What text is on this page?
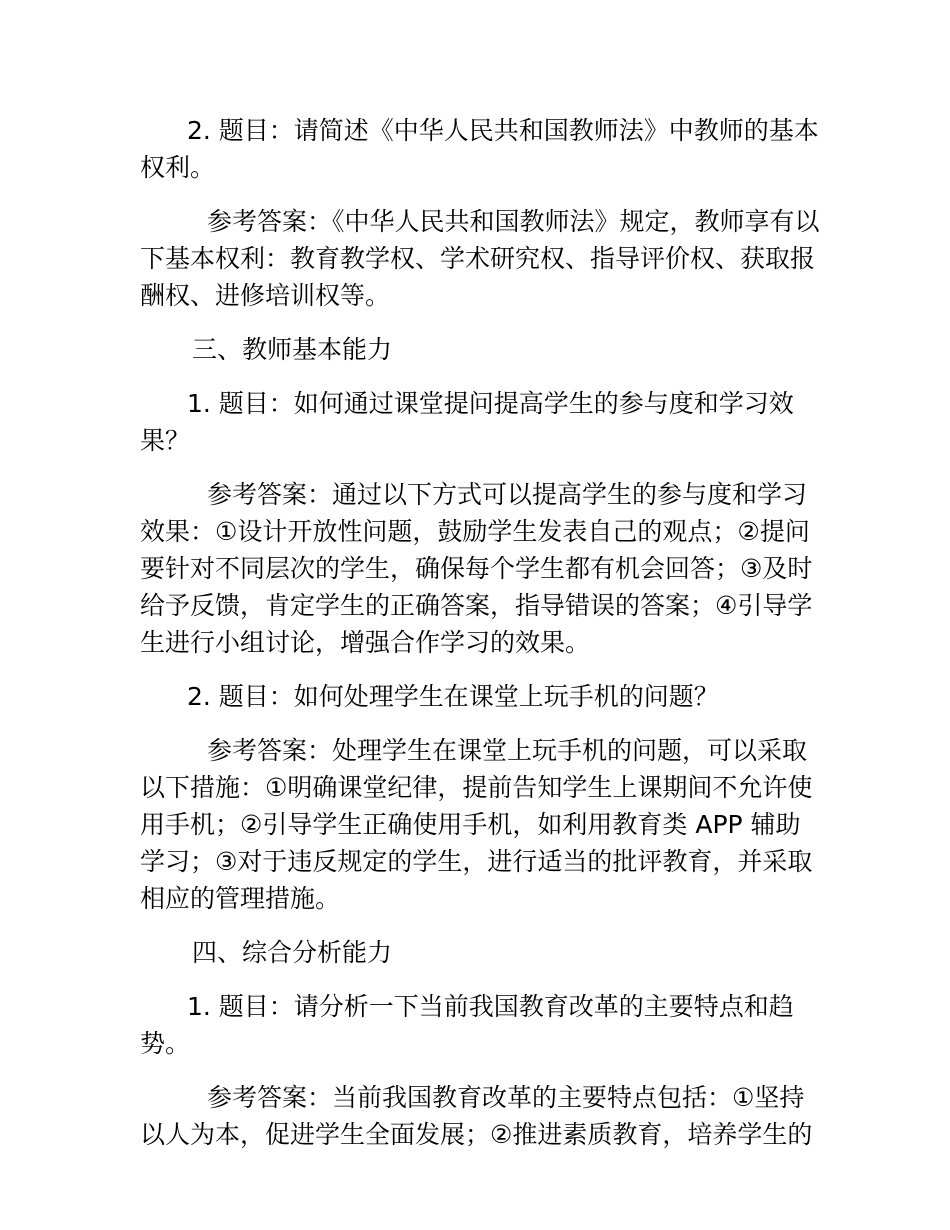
2. 题目：请简述《中华人民共和国教师法》中教师的基本权利。

参考答案：《中华人民共和国教师法》规定，教师享有以下基本权利：教育教学权、学术研究权、指导评价权、获取报酬权、进修培训权等。

三、教师基本能力

1. 题目：如何通过课堂提问提高学生的参与度和学习效果？

参考答案：通过以下方式可以提高学生的参与度和学习效果：①设计开放性问题，鼓励学生发表自己的观点；②提问要针对不同层次的学生，确保每个学生都有机会回答；③及时给予反馈，肯定学生的正确答案，指导错误的答案；④引导学生进行小组讨论，增强合作学习的效果。

2. 题目：如何处理学生在课堂上玩手机的问题？

参考答案：处理学生在课堂上玩手机的问题，可以采取以下措施：①明确课堂纪律，提前告知学生上课期间不允许使用手机；②引导学生正确使用手机，如利用教育类 APP 辅助学习；③对于违反规定的学生，进行适当的批评教育，并采取相应的管理措施。

四、综合分析能力

1. 题目：请分析一下当前我国教育改革的主要特点和趋势。

参考答案：当前我国教育改革的主要特点包括：①坚持以人为本，促进学生全面发展；②推进素质教育，培养学生的
